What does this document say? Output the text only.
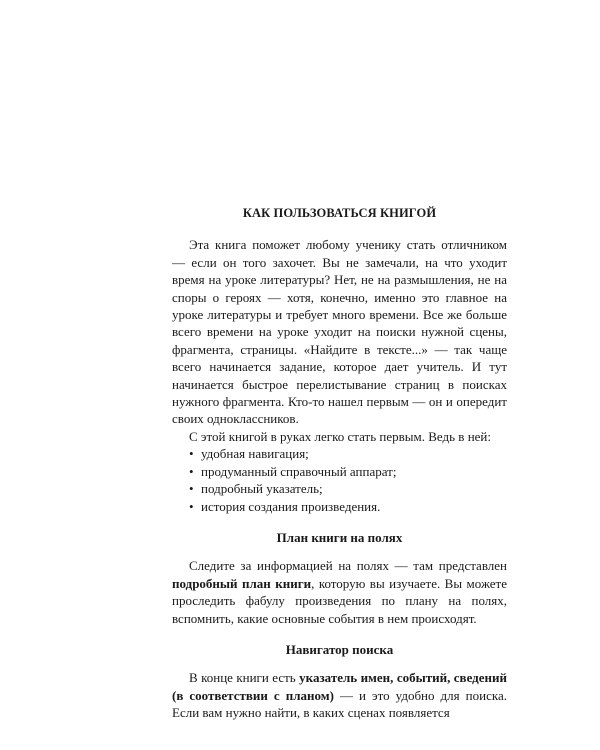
КАК ПОЛЬЗОВАТЬСЯ КНИГОЙ

Эта книга поможет любому ученику стать отличником — если он того захочет. Вы не замечали, на что уходит время на уроке литературы? Нет, не на размышления, не на споры о героях — хотя, конечно, именно это главное на уроке литературы и требует много времени. Все же больше всего времени на уроке уходит на поиски нужной сцены, фрагмента, страницы. «Найдите в тексте...» — так чаще всего начинается задание, которое дает учитель. И тут начинается быстрое перелистывание страниц в поисках нужного фрагмента. Кто-то нашел первым — он и опередит своих одноклассников.

С этой книгой в руках легко стать первым. Ведь в ней:

• удобная навигация;
• продуманный справочный аппарат;
• подробный указатель;
• история создания произведения.
План книги на полях

Следите за информацией на полях — там представлен подробный план книги, которую вы изучаете. Вы можете проследить фабулу произведения по плану на полях, вспомнить, какие основные события в нем происходят.

Навигатор поиска

В конце книги есть указатель имен, событий, сведений (в соответствии с планом) — и это удобно для поиска. Если вам нужно найти, в каких сценах появляется
